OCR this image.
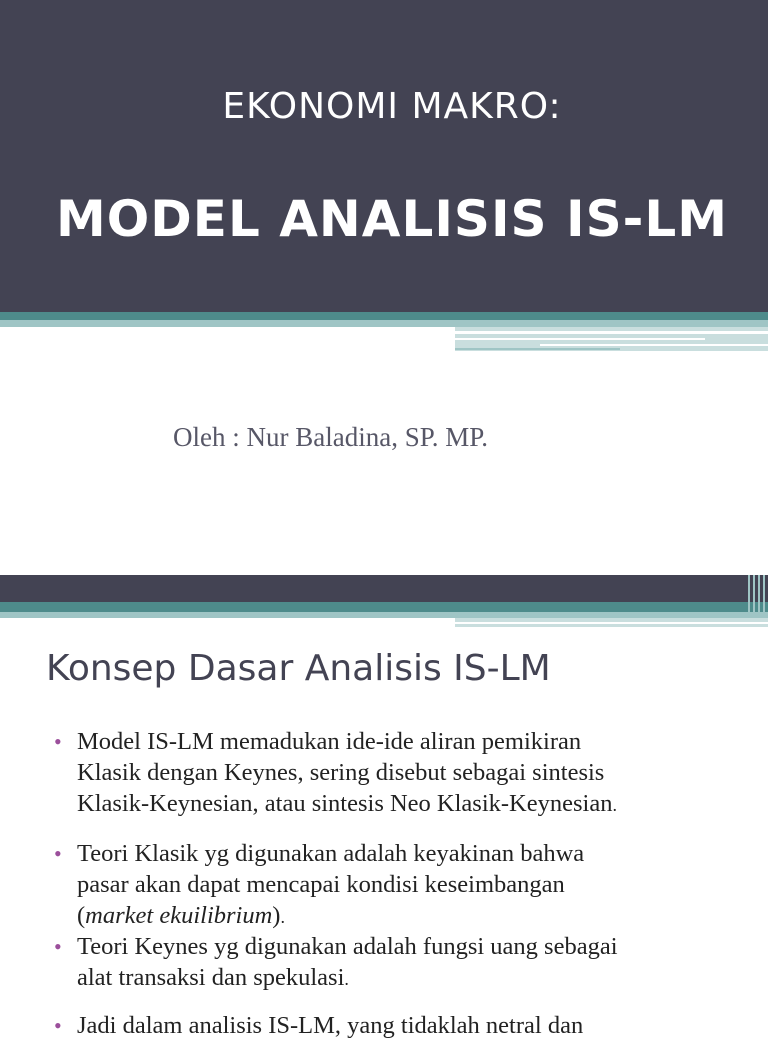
EKONOMI MAKRO:
MODEL ANALISIS IS-LM
Oleh : Nur Baladina, SP. MP.
Konsep Dasar Analisis IS-LM
• Model IS-LM memadukan ide-ide aliran pemikiran
Klasik dengan Keynes, sering disebut sebagai sintesis
Klasik-Keynesian, atau sintesis Neo Klasik-Keynesian.
• Teori Klasik yg digunakan adalah keyakinan bahwa
pasar akan dapat mencapai kondisi keseimbangan
(market ekuilibrium).
• Teori Keynes yg digunakan adalah fungsi uang sebagai
alat transaksi dan spekulasi.
• Jadi dalam analisis IS-LM, yang tidaklah netral dan
